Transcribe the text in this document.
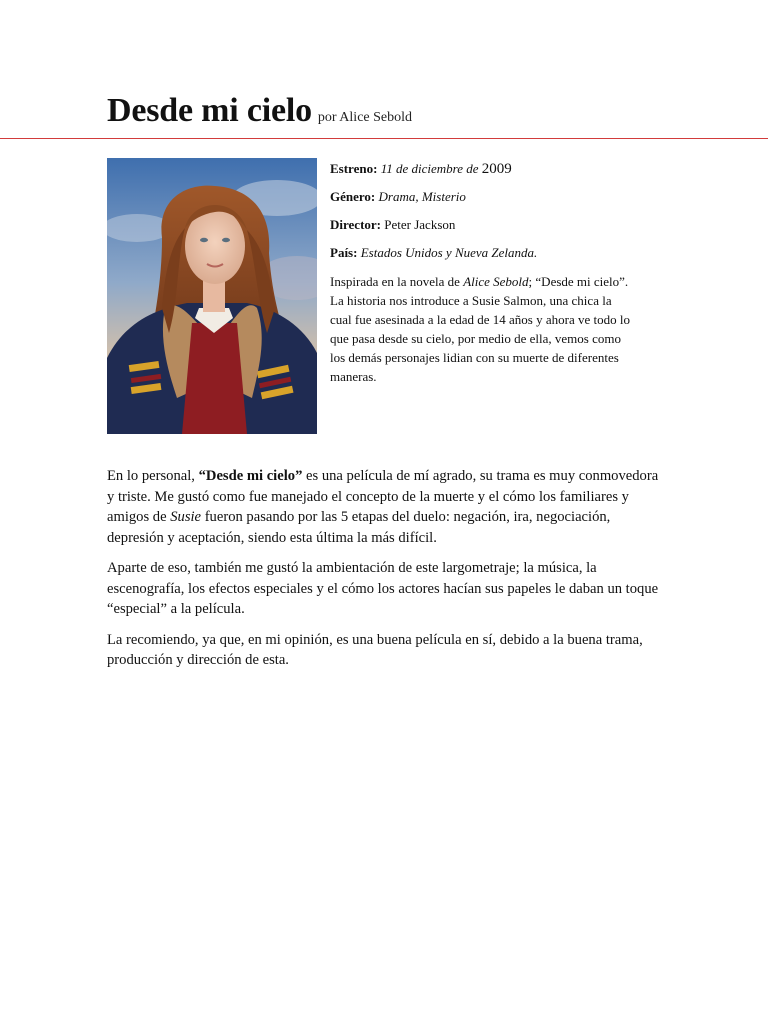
Desde mi cielo por Alice Sebold

Estreno: 11 de diciembre de 2009

Género: Drama, Misterio

Director: Peter Jackson

País: Estados Unidos y Nueva Zelanda.

Inspirada en la novela de Alice Sebold; “Desde mi cielo”. La historia nos introduce a Susie Salmon, una chica la cual fue asesinada a la edad de 14 años y ahora ve todo lo que pasa desde su cielo, por medio de ella, vemos como los demás personajes lidian con su muerte de diferentes maneras.

En lo personal, “Desde mi cielo” es una película de mí agrado, su trama es muy conmovedora y triste. Me gustó como fue manejado el concepto de la muerte y el cómo los familiares y amigos de Susie fueron pasando por las 5 etapas del duelo: negación, ira, negociación, depresión y aceptación, siendo esta última la más difícil.

Aparte de eso, también me gustó la ambientación de este largometraje; la música, la escenografía, los efectos especiales y el cómo los actores hacían sus papeles le daban un toque “especial” a la película.

La recomiendo, ya que, en mi opinión, es una buena película en sí, debido a la buena trama, producción y dirección de esta.
